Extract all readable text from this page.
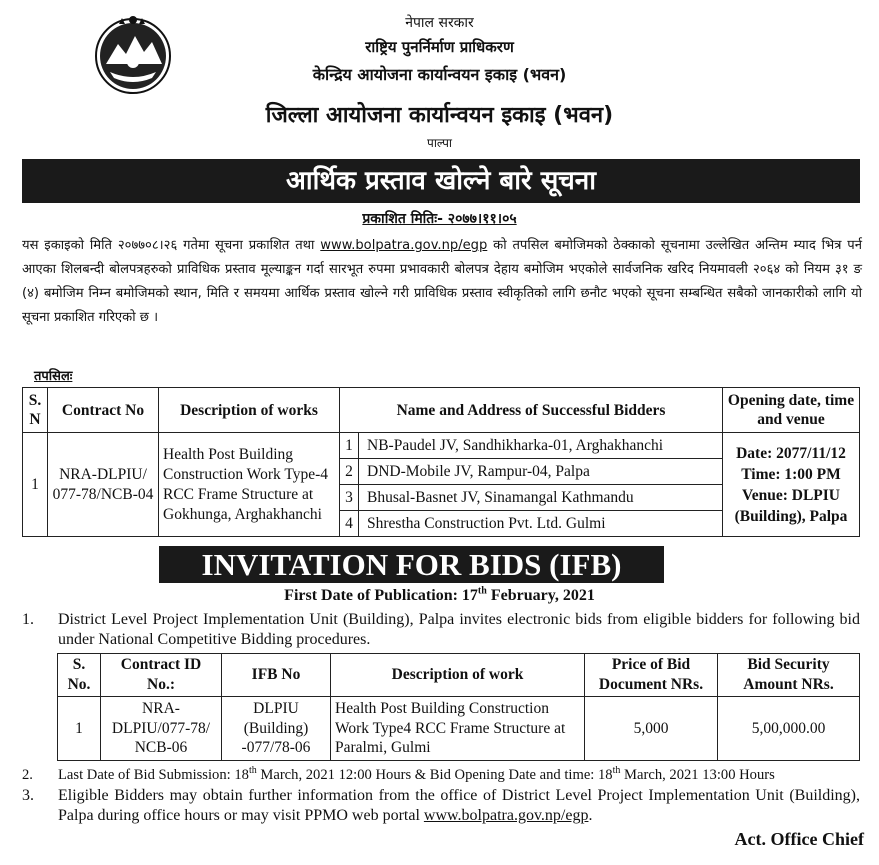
नेपाल सरकार
राष्ट्रिय पुनर्निर्माण प्राधिकरण
केन्द्रिय आयोजना कार्यान्वयन इकाइ (भवन)
जिल्ला आयोजना कार्यान्वयन इकाइ (भवन)
पाल्पा
आर्थिक प्रस्ताव खोल्ने बारे सूचना
प्रकाशित मितिः- २०७७।११।०५
यस इकाइको मिति २०७७०८।२६ गतेमा सूचना प्रकाशित तथा www.bolpatra.gov.np/egp को तपसिल बमोजिमको ठेक्काको सूचनामा उल्लेखित अन्तिम म्याद भित्र पर्न आएका शिलबन्दी बोलपत्रहरुको प्राविधिक प्रस्ताव मूल्याङ्कन गर्दा सारभूत रुपमा प्रभावकारी बोलपत्र देहाय बमोजिम भएकोले सार्वजनिक खरिद नियमावली २०६४ को नियम ३१ ङ (४) बमोजिम निम्न बमोजिमको स्थान, मिति र समयमा आर्थिक प्रस्ताव खोल्ने गरी प्राविधिक प्रस्ताव स्वीकृतिको लागि छनौट भएको सूचना सम्बन्धित सबैको जानकारीको लागि यो सूचना प्रकाशित गरिएको छ ।
तपसिलः
S. N	Contract No	Description of works	Name and Address of Successful Bidders		Opening date, time and venue
1	NRA-DLPIU/ 077-78/NCB-04	Health Post Building Construction Work Type-4 RCC Frame Structure at Gokhunga, Arghakhanchi	1	NB-Paudel JV, Sandhikharka-01, Arghakhanchi	Date: 2077/11/12
Time: 1:00 PM
Venue: DLPIU (Building), Palpa

			2	DND-Mobile JV, Rampur-04, Palpa	
			3	Bhusal-Basnet JV, Sinamangal Kathmandu	
			4	Shrestha Construction Pvt. Ltd. Gulmi	
INVITATION FOR BIDS (IFB)
First Date of Publication: 17th February, 2021
1. District Level Project Implementation Unit (Building), Palpa invites electronic bids from eligible bidders for following bid under National Competitive Bidding procedures.
S. No.	Contract ID No.:	IFB No	Description of work	Price of Bid Document NRs.	Bid Security Amount NRs.
1	NRA-DLPIU/077-78/ NCB-06	DLPIU (Building) -077/78-06	Health Post Building Construction Work Type4 RCC Frame Structure at Paralmi, Gulmi	5,000	5,00,000.00
2. Last Date of Bid Submission: 18th March, 2021 12:00 Hours & Bid Opening Date and time: 18th March, 2021 13:00 Hours
3. Eligible Bidders may obtain further information from the office of District Level Project Implementation Unit (Building), Palpa during office hours or may visit PPMO web portal www.bolpatra.gov.np/egp.
Act. Office Chief
